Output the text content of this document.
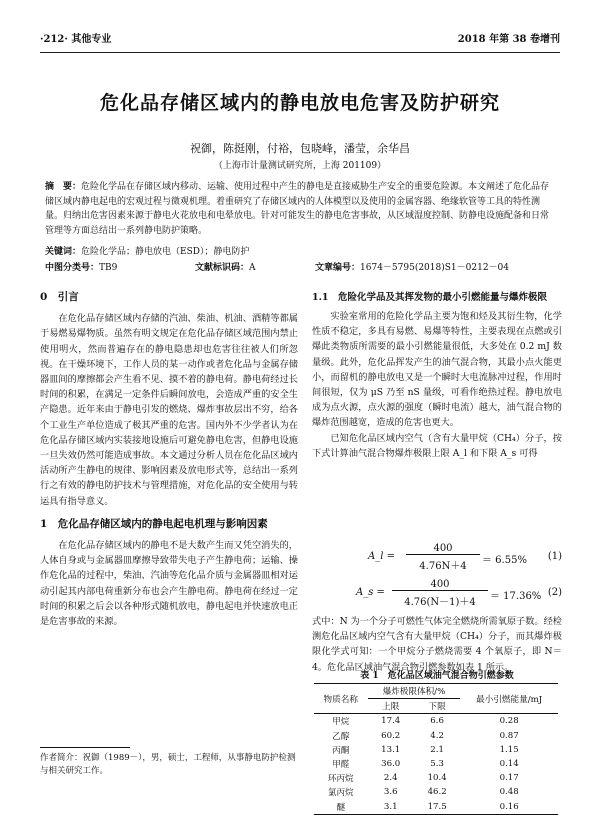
·212· 其他专业	2018 年第 38 卷增刊
危化品存储区域内的静电放电危害及防护研究
祝御，陈挺刚，付裕，包晓峰，潘莹，余华昌
（上海市计量测试研究所，上海 201109）
摘　要：危险化学品在存储区域内移动、运输、使用过程中产生的静电是直接威胁生产安全的重要危险源。本文阐述了危化品存储区域内静电起电的宏观过程与微观机理。着重研究了存储区域内的人体模型以及使用的金属容器、绝缘软管等工具的特性测量。归纳出危害因素来源于静电火花放电和电晕放电。针对可能发生的静电危害事故，从区域湿度控制、防静电设施配备和日常管理等方面总结出一系列静电防护策略。
关键词：危险化学品；静电放电（ESD）；静电防护
中图分类号：TB9	文献标识码：A	文章编号：1674－5795(2018)S1－0212－04
0　引言

在危化品存储区域内存储的汽油、柴油、机油、酒精等都属于易燃易爆物质。虽然有明文规定在危化品存储区域范围内禁止使用明火，然而普遍存在的静电隐患却也危害往往被人们所忽视。在干燥环境下，工作人员的某一动作或者危化品与金属存储器皿间的摩擦都会产生看不见、摸不着的静电荷。静电荷经过长时间的积累，在满足一定条件后瞬间放电，会造成严重的安全生产隐患。近年来由于静电引发的燃烧、爆炸事故层出不穷，给各个工业生产单位造成了极其严重的危害。国内外不少学者认为在危化品存储区域内实装接地设施后可避免静电危害，但静电设施一旦失效仍然可能造成事故。本文通过分析人员在危化品区域内活动所产生静电的规律、影响因素及放电形式等，总结出一系列行之有效的静电防护技术与管理措施，对危化品的安全使用与转运具有指导意义。

1　危化品存储区域内的静电起电机理与影响因素

在危化品存储区域内的静电不是大数产生而又凭空消失的，人体自身或与金属器皿摩擦导致带失电子产生静电荷；运输、操作危化品的过程中，柴油、汽油等危化品介质与金属器皿相对运动引起其内部电荷重新分布也会产生静电荷。静电荷在经过一定时间的积累之后会以各种形式随机放电，静电起电并快速放电正是危害事故的来源。

作者简介：祝御（1989－），男，硕士，工程师，从事静电防护检测与相关研究工作。
1.1　危险化学品及其挥发物的最小引燃能量与爆炸极限

实验室常用的危险化学品主要为饱和烃及其衍生物，化学性质不稳定，多具有易燃、易爆等特性，主要表现在点燃或引爆此类物质所需要的最小引燃能量很低，大多处在 0.2 mJ 数量级。此外，危化品挥发产生的油气混合物，其最小点火能更小，而留机的静电放电又是一个瞬时大电流脉冲过程，作用时间很短，仅为 μS 乃至 nS 量级，可看作绝热过程。静电放电成为点火源，点火源的强度（瞬时电流）越大，油气混合物的爆炸范围越宽，造成的危害也更大。

已知危化品区域内空气（含有大量甲烷（CH₄）分子，按下式计算油气混合物爆炸极限上限 A_l 和下限 A_s 可得

A_l =
400
4.76N＋4
＝ 6.55% (1)
A_s =
400
4.76(N－1)＋4
＝ 17.36% (2)

式中：N 为一个分子可燃性气体完全燃烧所需氧原子数。经检测危化品区域内空气含有大量甲烷（CH₄）分子，而其爆炸极限化学式可知：一个甲烷分子燃烧需要 4 个氧原子，即 N＝4。危化品区域油气混合物引燃参数如表 1 所示。

表 1　危化品区域油气混合物引燃参数
物质名称	爆炸极限体积/%		最小引燃能量/mJ
	上限	下限	
甲烷	17.4	6.6	0.28
乙醇	60.2	4.2	0.87
丙酮	13.1	2.1	1.15
甲醛	36.0	5.3	0.14
环丙烷	2.4	10.4	0.17
氯丙烷	3.6	46.2	0.48
醚	3.1	17.5	0.16
